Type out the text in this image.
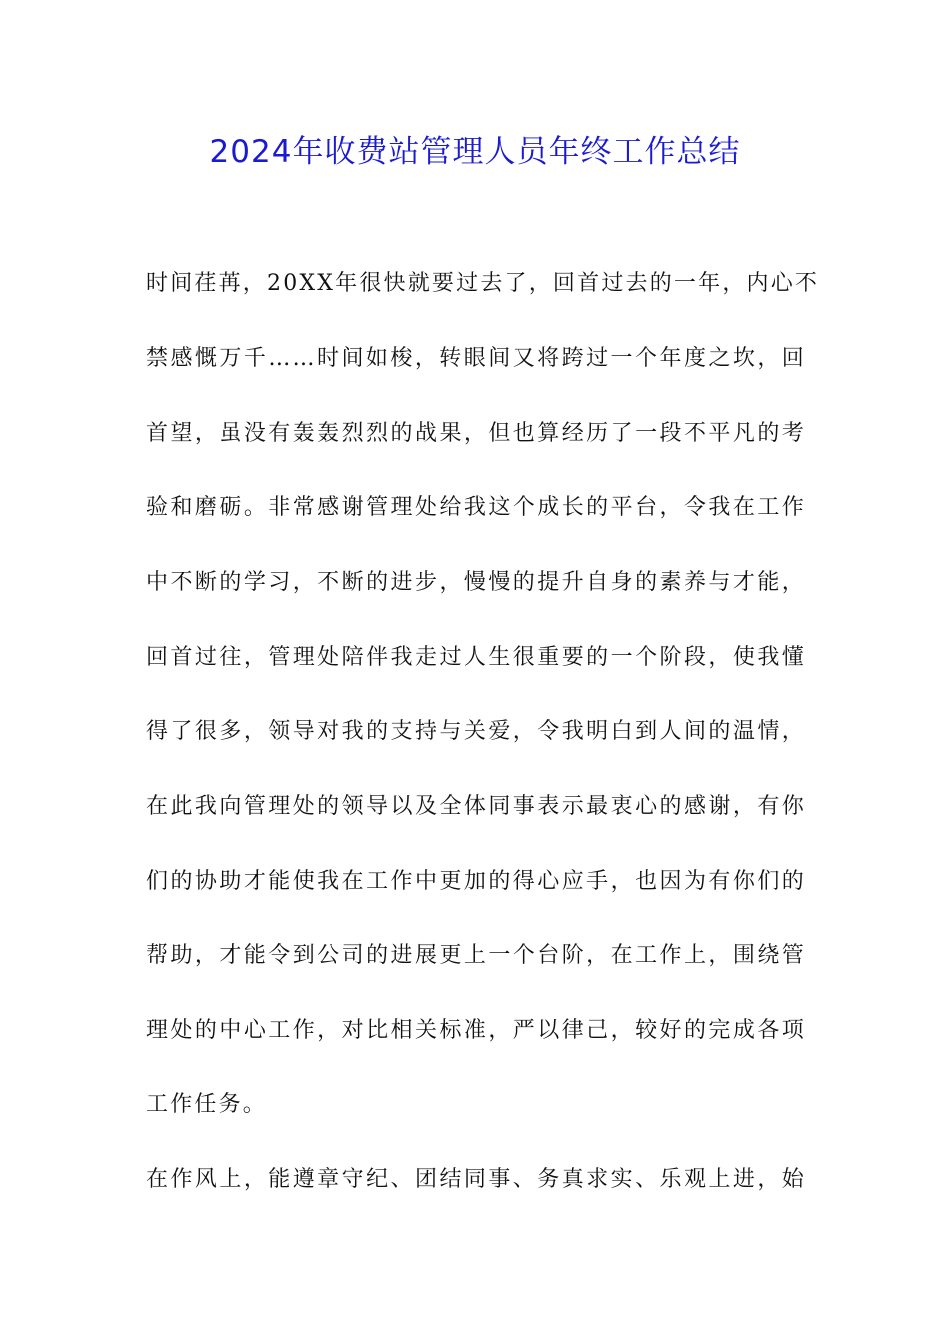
2024年收费站管理人员年终工作总结
时间荏苒，20XX年很快就要过去了，回首过去的一年，内心不
禁感慨万千……时间如梭，转眼间又将跨过一个年度之坎，回
首望，虽没有轰轰烈烈的战果，但也算经历了一段不平凡的考
验和磨砺。非常感谢管理处给我这个成长的平台，令我在工作
中不断的学习，不断的进步，慢慢的提升自身的素养与才能，
回首过往，管理处陪伴我走过人生很重要的一个阶段，使我懂
得了很多，领导对我的支持与关爱，令我明白到人间的温情，
在此我向管理处的领导以及全体同事表示最衷心的感谢，有你
们的协助才能使我在工作中更加的得心应手，也因为有你们的
帮助，才能令到公司的进展更上一个台阶，在工作上，围绕管
理处的中心工作，对比相关标准，严以律己，较好的完成各项
工作任务。
在作风上，能遵章守纪、团结同事、务真求实、乐观上进，始
